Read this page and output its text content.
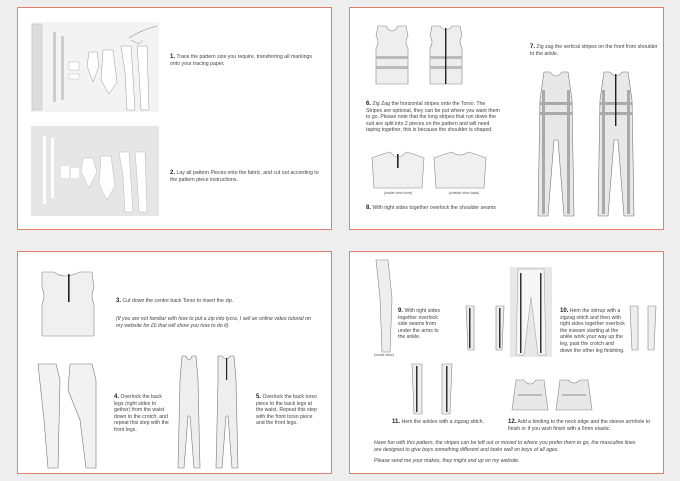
1. Trace the pattern size you require, transferring all markings onto your tracing paper.
2. Lay all pattern Pieces onto the fabric, and cut out according to the pattern piece instructions.
6. Zig Zag the horizontal stripes onto the Torso. The Stripes are optional, they can be put where you want them to go. Please note that the long stripes that run down the suit are split into 2 pieces on the pattern and will need taping together, this is because the shoulder is shaped.
(inside view front)	(outside view back)
8. With right sides together overlock the shoulder seams
7. Zig zag the vertical stripes on the front from shoulder to the ankle.
3. Cut down the centre back Torso to insert the zip.
(If you are not familiar with how to put a zip into lycra, I sell an online video tutorial on my website for £6 that will show you how to do it)
4. Overlock the back legs (right sides to gether) from the waist down to the crotch, and repeat this step with the front legs.
5. Overlock the back torso piece to the back legs at the waist. Repeat this step with the front torso piece and the front legs.
(inside view)
9. With right sides together overlock side seams from under the arms to the ankle.
10. Hem the stirrup with a zigzag stitch and then with right sides together overlock the inseam starting at the ankle work your way up the leg, past the crotch and down the other leg finishing.
11. Hem the ankles with a zigzag stitch.	12. Add a binding to the neck edge and the sleeve armhole to finish or if you wish finish with a 6mm elastic.
Have fun with this pattern, the stripes can be left out or moved to where you prefer them to go, the masculine lines are designed to give boys something different and looks well on boys of all ages.
Please send me your makes, they might end up on my website.
